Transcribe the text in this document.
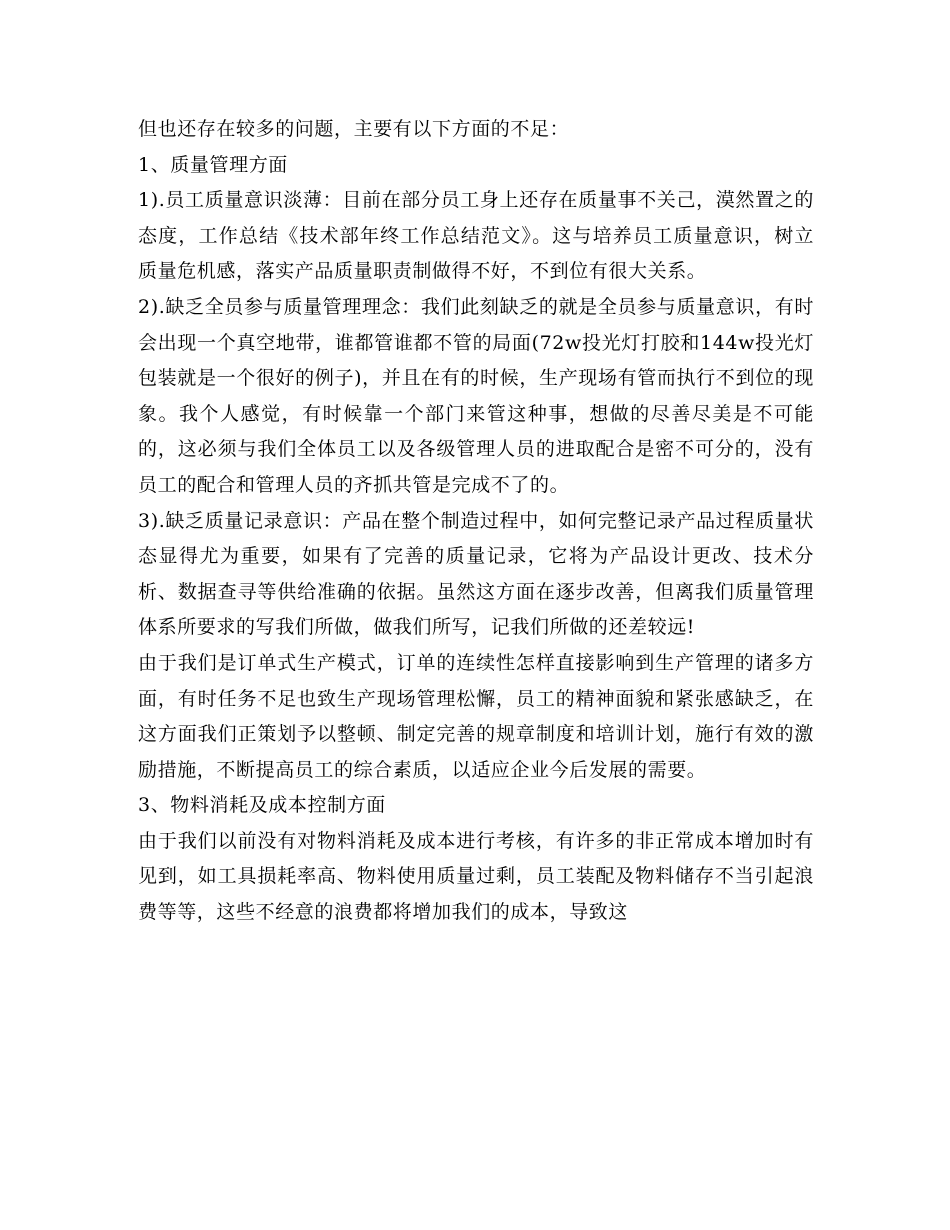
但也还存在较多的问题，主要有以下方面的不足：

1、质量管理方面

1).员工质量意识淡薄：目前在部分员工身上还存在质量事不关己，漠然置之的态度，工作总结《技术部年终工作总结范文》。这与培养员工质量意识，树立质量危机感，落实产品质量职责制做得不好，不到位有很大关系。

2).缺乏全员参与质量管理理念：我们此刻缺乏的就是全员参与质量意识，有时会出现一个真空地带，谁都管谁都不管的局面(72w投光灯打胶和144w投光灯包装就是一个很好的例子)，并且在有的时候，生产现场有管而执行不到位的现象。我个人感觉，有时候靠一个部门来管这种事，想做的尽善尽美是不可能的，这必须与我们全体员工以及各级管理人员的进取配合是密不可分的，没有员工的配合和管理人员的齐抓共管是完成不了的。

3).缺乏质量记录意识：产品在整个制造过程中，如何完整记录产品过程质量状态显得尤为重要，如果有了完善的质量记录，它将为产品设计更改、技术分析、数据查寻等供给准确的依据。虽然这方面在逐步改善，但离我们质量管理体系所要求的写我们所做，做我们所写，记我们所做的还差较远!

由于我们是订单式生产模式，订单的连续性怎样直接影响到生产管理的诸多方面，有时任务不足也致生产现场管理松懈，员工的精神面貌和紧张感缺乏，在这方面我们正策划予以整顿、制定完善的规章制度和培训计划，施行有效的激励措施，不断提高员工的综合素质，以适应企业今后发展的需要。

3、物料消耗及成本控制方面

由于我们以前没有对物料消耗及成本进行考核，有许多的非正常成本增加时有见到，如工具损耗率高、物料使用质量过剩，员工装配及物料储存不当引起浪费等等，这些不经意的浪费都将增加我们的成本，导致这
